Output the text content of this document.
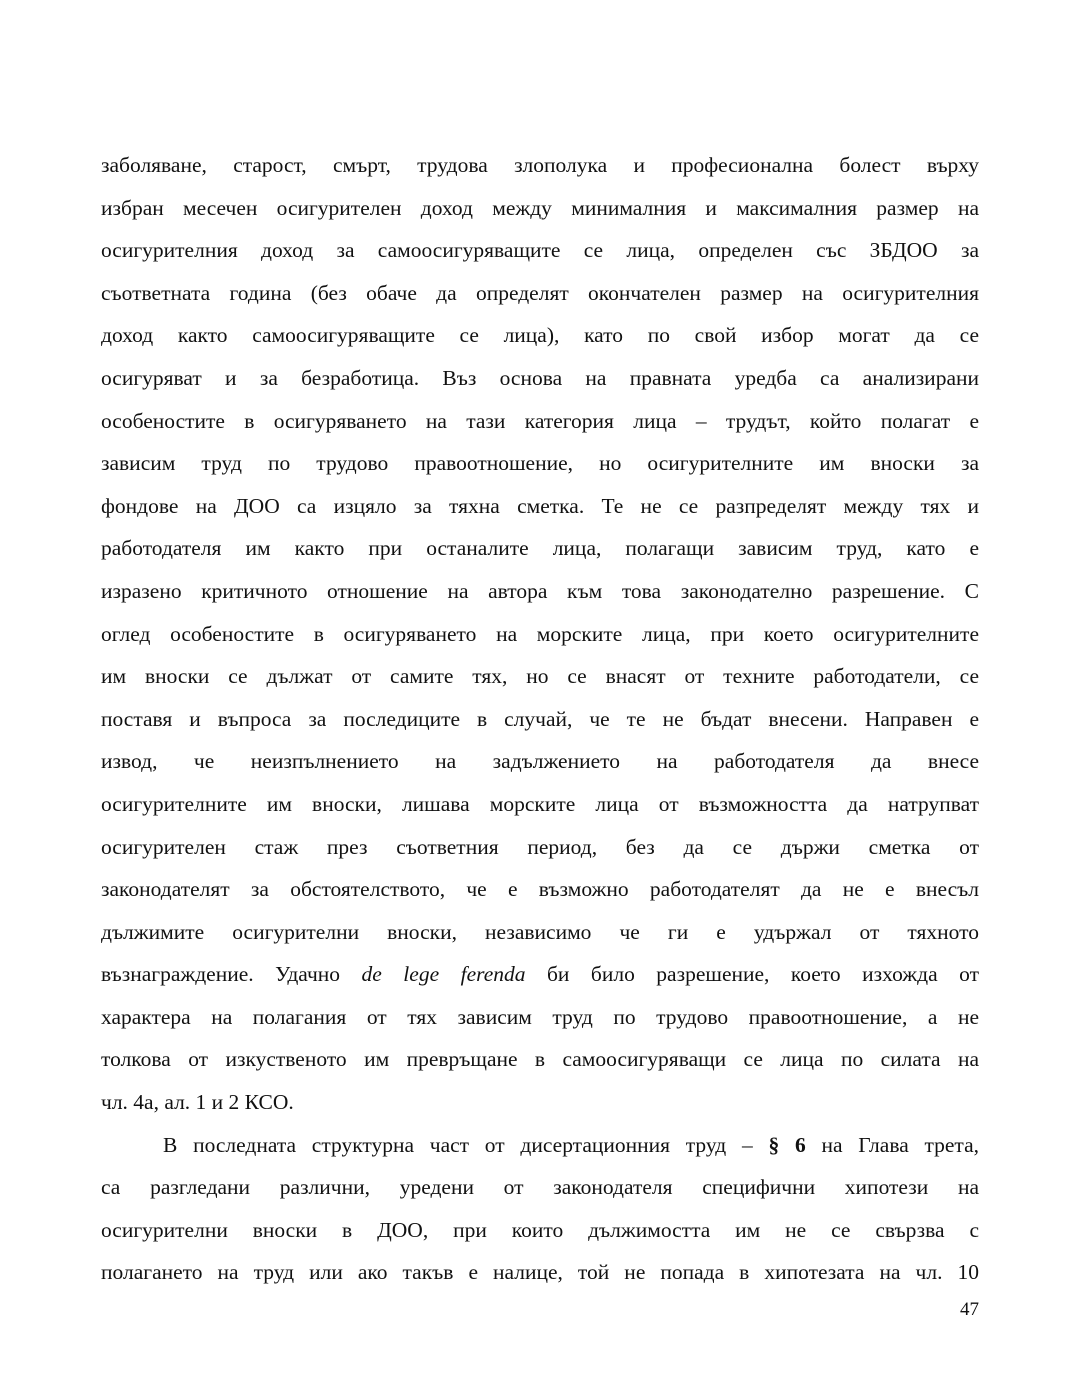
заболяване, старост, смърт, трудова злополука и професионална болест върху
избран месечен осигурителен доход между минималния и максималния размер на
осигурителния доход за самоосигуряващите се лица, определен със ЗБДОО за
съответната година (без обаче да определят окончателен размер на осигурителния
доход както самоосигуряващите се лица), като по свой избор могат да се
осигуряват и за безработица. Въз основа на правната уредба са анализирани
особеностите в осигуряването на тази категория лица – трудът, който полагат е
зависим труд по трудово правоотношение, но осигурителните им вноски за
фондове на ДОО са изцяло за тяхна сметка. Те не се разпределят между тях и
работодателя им както при останалите лица, полагащи зависим труд, като е
изразено критичното отношение на автора към това законодателно разрешение. С
оглед особеностите в осигуряването на морските лица, при което осигурителните
им вноски се дължат от самите тях, но се внасят от техните работодатели, се
поставя и въпроса за последиците в случай, че те не бъдат внесени. Направен е
извод, че неизпълнението на задължението на работодателя да внесе
осигурителните им вноски, лишава морските лица от възможността да натрупват
осигурителен стаж през съответния период, без да се държи сметка от
законодателят за обстоятелството, че е възможно работодателят да не е внесъл
дължимите осигурителни вноски, независимо че ги е удържал от тяхното
възнаграждение. Удачно de lege ferenda би било разрешение, което изхожда от
характера на полагания от тях зависим труд по трудово правоотношение, а не
толкова от изкуственото им превръщане в самоосигуряващи се лица по силата на
чл. 4а, ал. 1 и 2 КСО.
В последната структурна част от дисертационния труд – § 6 на Глава трета,
са разгледани различни, уредени от законодателя специфични хипотези на
осигурителни вноски в ДОО, при които дължимостта им не се свързва с
полагането на труд или ако такъв е налице, той не попада в хипотезата на чл. 10
47
